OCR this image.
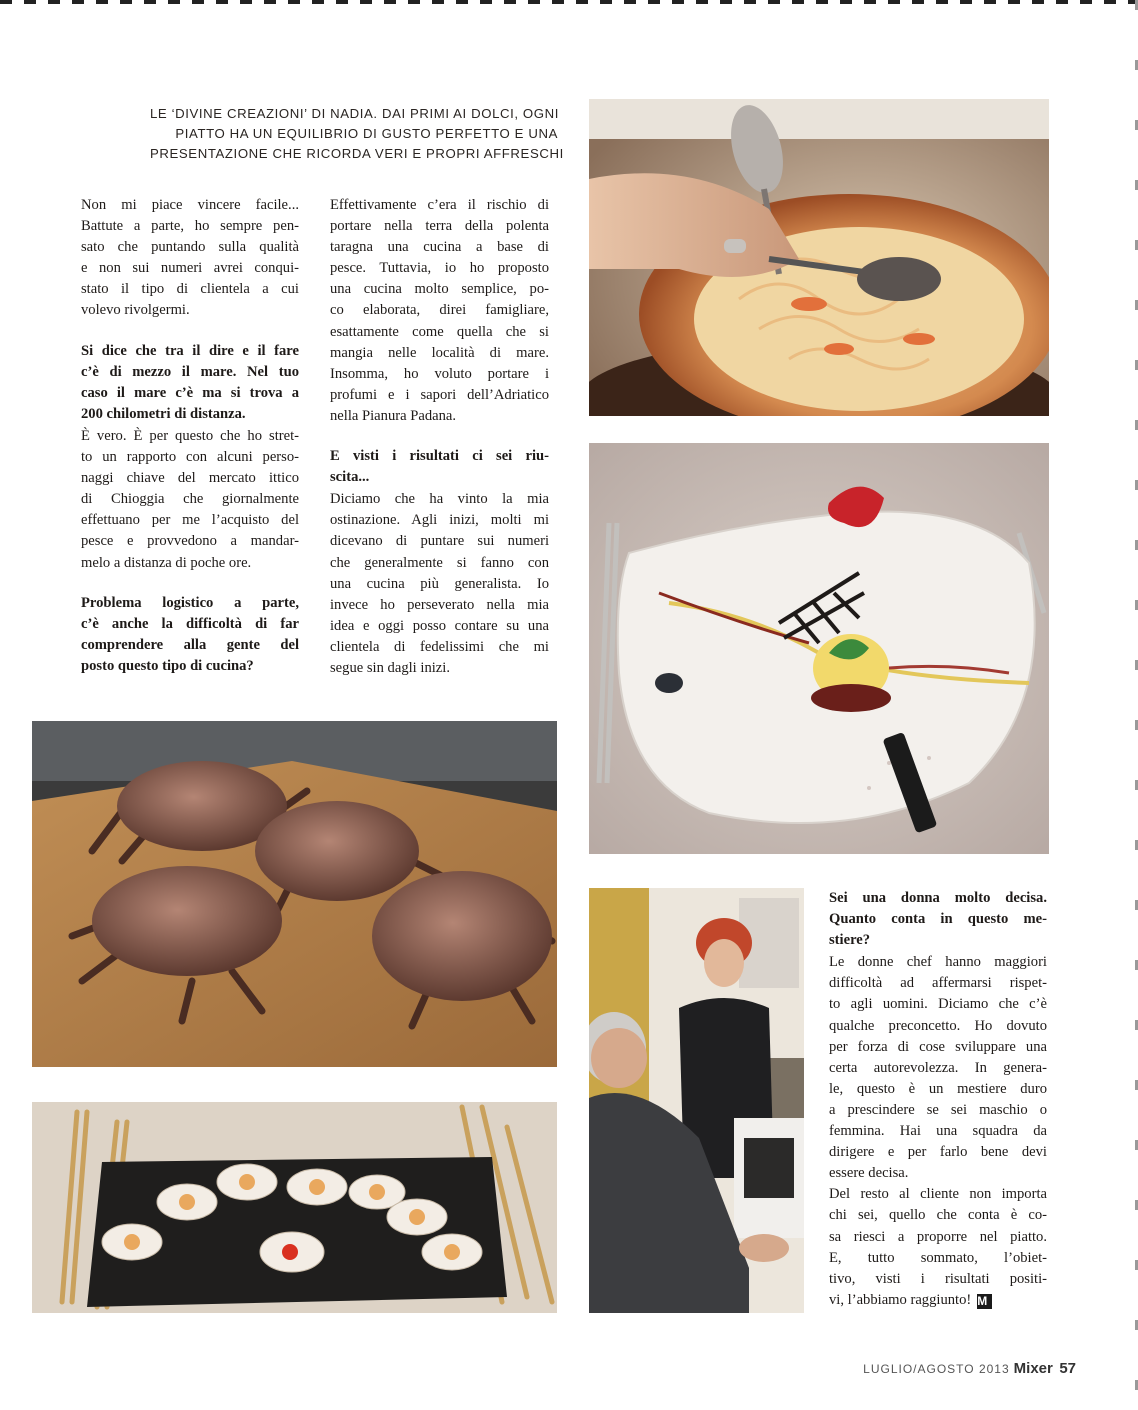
LE ‘DIVINE CREAZIONI’ DI NADIA. DAI PRIMI AI DOLCI, OGNI
PIATTO HA UN EQUILIBRIO DI GUSTO PERFETTO E UNA
PRESENTAZIONE CHE RICORDA VERI E PROPRI AFFRESCHI

Non mi piace vincere facile...
Battute a parte, ho sempre pen-
sato che puntando sulla qualità
e non sui numeri avrei conqui-
stato il tipo di clientela a cui
volevo rivolgermi.

Si dice che tra il dire e il fare
c’è di mezzo il mare. Nel tuo
caso il mare c’è ma si trova a
200 chilometri di distanza.

È vero. È per questo che ho stret-
to un rapporto con alcuni perso-
naggi chiave del mercato ittico
di Chioggia che giornalmente
effettuano per me l’acquisto del
pesce e provvedono a mandar-
melo a distanza di poche ore.

Problema logistico a parte,
c’è anche la difficoltà di far
comprendere alla gente del
posto questo tipo di cucina?

Effettivamente c’era il rischio di
portare nella terra della polenta
taragna una cucina a base di
pesce. Tuttavia, io ho proposto
una cucina molto semplice, po-
co elaborata, direi famigliare,
esattamente come quella che si
mangia nelle località di mare.
Insomma, ho voluto portare i
profumi e i sapori dell’Adriatico
nella Pianura Padana.

E visti i risultati ci sei riu-
scita...

Diciamo che ha vinto la mia
ostinazione. Agli inizi, molti mi
dicevano di puntare sui numeri
che generalmente si fanno con
una cucina più generalista. Io
invece ho perseverato nella mia
idea e oggi posso contare su una
clientela di fedelissimi che mi
segue sin dagli inizi.

Sei una donna molto decisa.
Quanto conta in questo me-
stiere?

Le donne chef hanno maggiori
difficoltà ad affermarsi rispet-
to agli uomini. Diciamo che c’è
qualche preconcetto. Ho dovuto
per forza di cose sviluppare una
certa autorevolezza. In genera-
le, questo è un mestiere duro
a prescindere se sei maschio o
femmina. Hai una squadra da
dirigere e per farlo bene devi
essere decisa.

Del resto al cliente non importa
chi sei, quello che conta è co-
sa riesci a proporre nel piatto.
E, tutto sommato, l’obiet-
tivo, visti i risultati positi-
vi, l’abbiamo raggiunto! M

LUGLIO/AGOSTO 2013 Mixer 57
